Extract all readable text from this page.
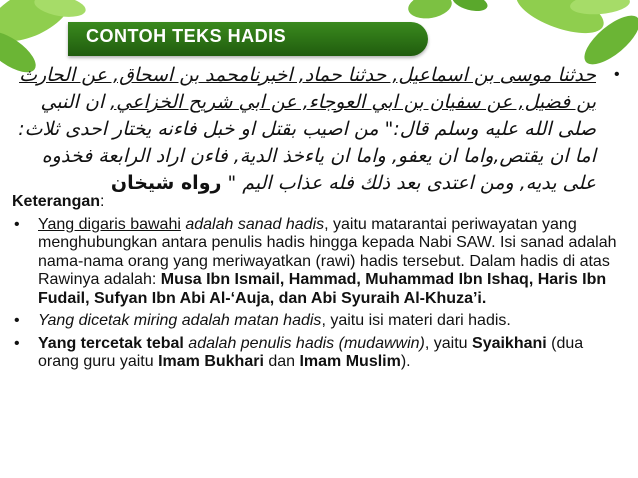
CONTOH TEKS HADIS
•
حدثنا موسى بن اسماعيل, حدثنا حماد, اخبرنامحمد بن اسحاق, عن الحارث
بن فضيل, عن سفيان بن ابي العوجاء, عن ابي شريح الخزاعي, ان النبي
صلى الله عليه وسلم قال:" من اصيب بقتل او خبل فاءنه يختار احدى ثلاث:
اما ان يقتص,واما ان يعفو, واما ان ياءخذ الدية, فاءن اراد الرابعة فخذوه
على يديه, ومن اعتدى بعد ذلك فله عذاب اليم " رواه شيخان
Keterangan:
• Yang digaris bawahi adalah sanad hadis, yaitu matarantai periwayatan yang menghubungkan antara penulis hadis hingga kepada Nabi SAW. Isi sanad adalah nama-nama orang yang meriwayatkan (rawi) hadis tersebut. Dalam hadis di atas Rawinya adalah: Musa Ibn Ismail, Hammad, Muhammad Ibn Ishaq, Haris Ibn Fudail, Sufyan Ibn Abi Al-‘Auja, dan Abi Syuraih Al-Khuza’i.
• Yang dicetak miring adalah matan hadis, yaitu isi materi dari hadis.
• Yang tercetak tebal adalah penulis hadis (mudawwin), yaitu Syaikhani (dua orang guru yaitu Imam Bukhari dan Imam Muslim).
